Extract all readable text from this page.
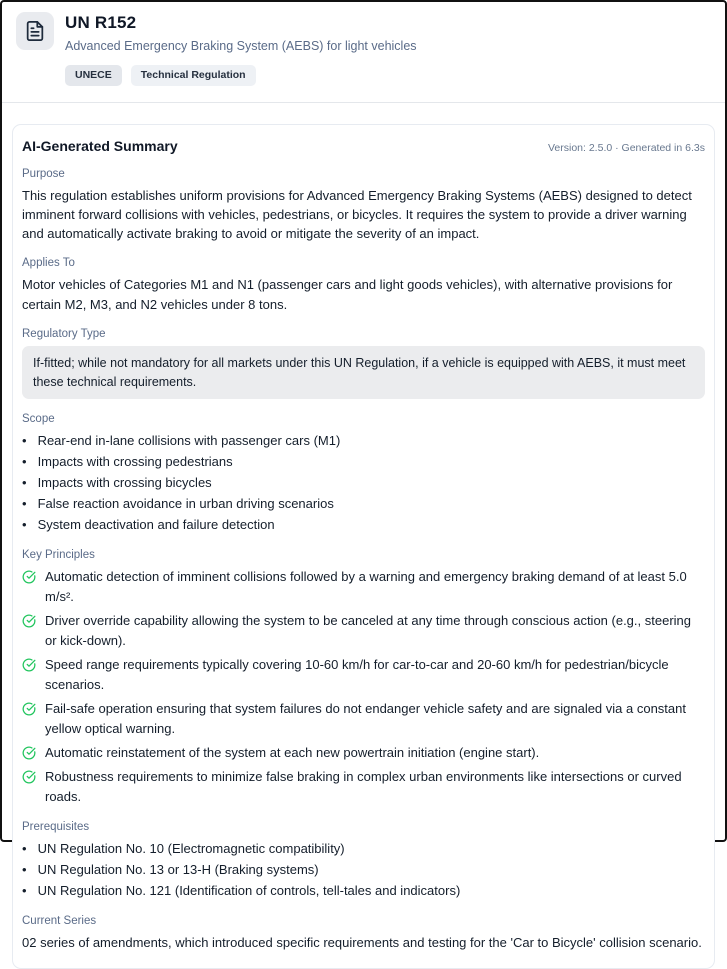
UN R152
Advanced Emergency Braking System (AEBS) for light vehicles
UNECE	Technical Regulation
AI-Generated Summary	Version: 2.5.0 · Generated in 6.3s
Purpose

This regulation establishes uniform provisions for Advanced Emergency Braking Systems (AEBS) designed to detect imminent forward collisions with vehicles, pedestrians, or bicycles. It requires the system to provide a driver warning and automatically activate braking to avoid or mitigate the severity of an impact.

Applies To

Motor vehicles of Categories M1 and N1 (passenger cars and light goods vehicles), with alternative provisions for certain M2, M3, and N2 vehicles under 8 tons.

Regulatory Type
If-fitted; while not mandatory for all markets under this UN Regulation, if a vehicle is equipped with AEBS, it must meet these technical requirements.
Scope
• Rear-end in-lane collisions with passenger cars (M1)
• Impacts with crossing pedestrians
• Impacts with crossing bicycles
• False reaction avoidance in urban driving scenarios
• System deactivation and failure detection
Key Principles
Automatic detection of imminent collisions followed by a warning and emergency braking demand of at least 5.0 m/s².
Driver override capability allowing the system to be canceled at any time through conscious action (e.g., steering or kick-down).
Speed range requirements typically covering 10-60 km/h for car-to-car and 20-60 km/h for pedestrian/bicycle scenarios.
Fail-safe operation ensuring that system failures do not endanger vehicle safety and are signaled via a constant yellow optical warning.
Automatic reinstatement of the system at each new powertrain initiation (engine start).
Robustness requirements to minimize false braking in complex urban environments like intersections or curved roads.
Prerequisites
• UN Regulation No. 10 (Electromagnetic compatibility)
• UN Regulation No. 13 or 13-H (Braking systems)
• UN Regulation No. 121 (Identification of controls, tell-tales and indicators)
Current Series

02 series of amendments, which introduced specific requirements and testing for the 'Car to Bicycle' collision scenario.
